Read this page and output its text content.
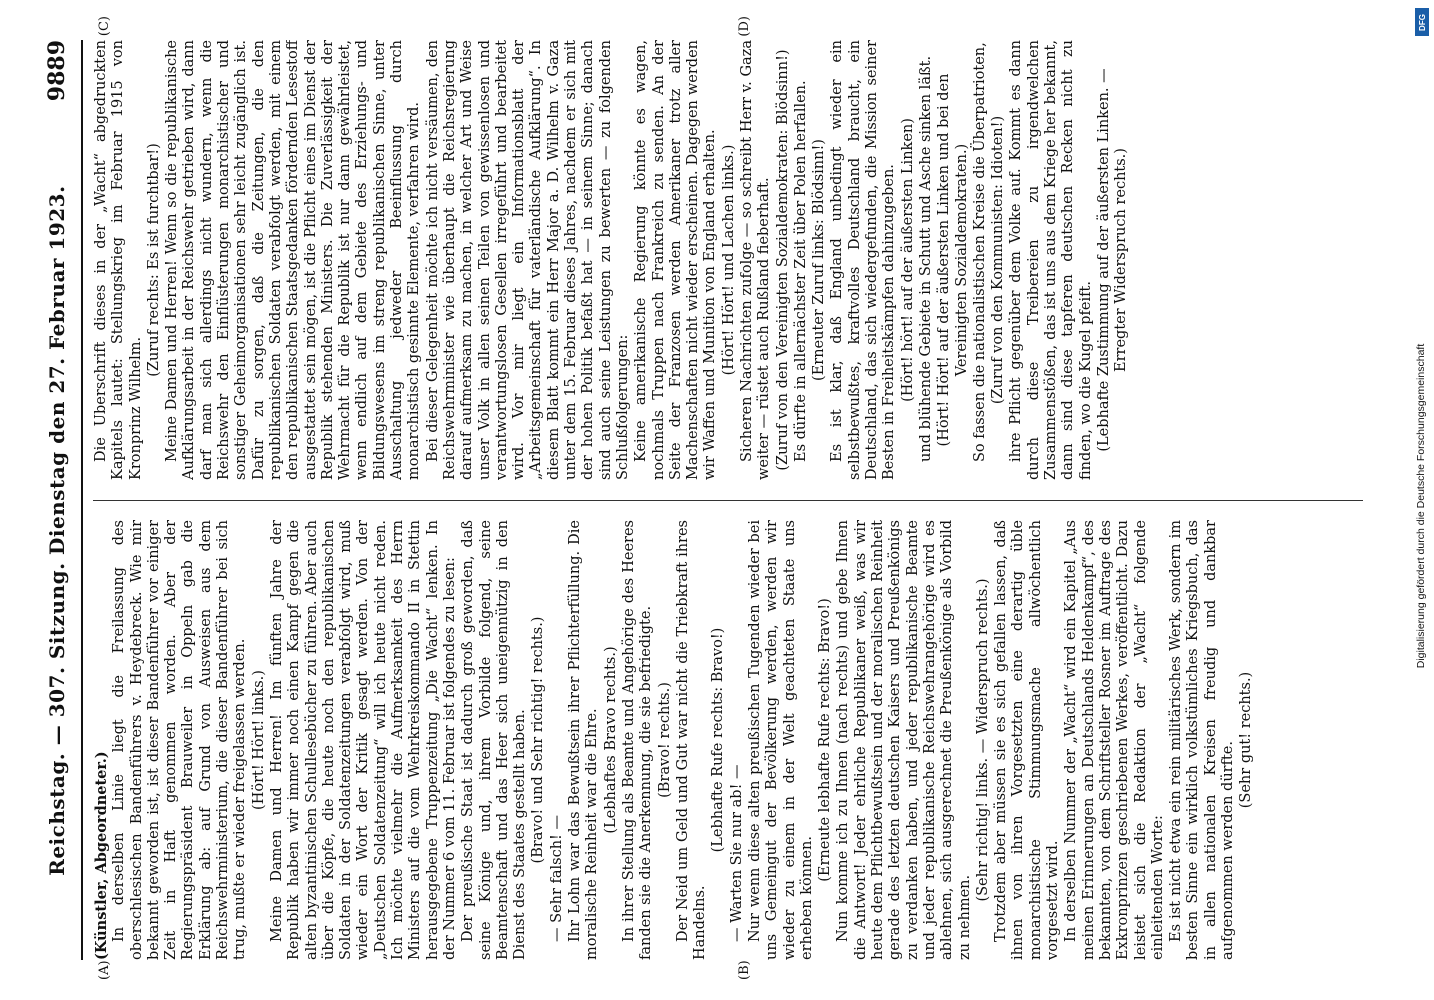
Reichstag. — 307. Sitzung. Dienstag den 27. Februar 1923.
9889
(A)	(B)
(C)	(D)

(Künstler, Abgeordneter.) In derselben Linie liegt die Freilassung des oberschlesischen Bandenführers v. Heydebreck. Wie mir bekannt geworden ist, ist dieser Bandenführer vor einiger Zeit in Haft genommen worden. Aber der Regierungspräsident Brauweiler in Oppeln gab die Erklärung ab: auf Grund von Ausweisen aus dem Reichswehrministerium, die dieser Bandenführer bei sich trug, mußte er wieder freigelassen werden. (Hört! Hört! links.) Meine Damen und Herren! Im fünften Jahre der Republik haben wir immer noch einen Kampf gegen die alten byzantinischen Schullesebücher zu führen. Aber auch über die Köpfe, die heute noch den republikanischen Soldaten in der Soldatenzeitungen verabfolgt wird, muß wieder ein Wort der Kritik gesagt werden. Von der „Deutschen Soldatenzeitung“ will ich heute nicht reden. Ich möchte vielmehr die Aufmerksamkeit des Herrn Ministers auf die vom Wehrkreiskommando II in Stettin herausgegebene Truppenzeitung „Die Wacht“ lenken. In der Nummer 6 vom 11. Februar ist folgendes zu lesen: Der preußische Staat ist dadurch groß geworden, daß seine Könige und, ihrem Vorbilde folgend, seine Beamtenschaft und das Heer sich uneigennützig in den Dienst des Staates gestellt haben. (Bravo! und Sehr richtig! rechts.)

— Sehr falsch! — Ihr Lohn war das Bewußtsein ihrer Pflichterfüllung. Die moralische Reinheit war die Ehre. (Lebhaftes Bravo rechts.) In ihrer Stellung als Beamte und Angehörige des Heeres fanden sie die Anerkennung, die sie befriedigte. (Bravo! rechts.) Der Neid um Geld und Gut war nicht die Triebkraft ihres Handelns.

(Lebhafte Rufe rechts: Bravo!)

— Warten Sie nur ab! — Nur wenn diese alten preußischen Tugenden wieder bei uns Gemeingut der Bevölkerung werden, werden wir wieder zu einem in der Welt geachteten Staate uns erheben können.

(Erneute lebhafte Rufe rechts: Bravo!) Nun komme ich zu Ihnen (nach rechts) und gebe Ihnen die Antwort! Jeder ehrliche Republikaner weiß, was wir heute dem Pflichtbewußtsein und der moralischen Reinheit gerade des letzten deutschen Kaisers und Preußenkönigs zu verdanken haben, und jeder republikanische Beamte und jeder republikanische Reichswehrangehörige wird es ablehnen, sich ausgerechnet die Preußenkönige als Vorbild zu nehmen.

(Sehr richtig! links. — Widerspruch rechts.) Trotzdem aber müssen sie es sich gefallen lassen, daß ihnen von ihren Vorgesetzten eine derartig üble monarchistische Stimmungsmache allwöchentlich vorgesetzt wird. In derselben Nummer der „Wacht“ wird ein Kapitel „Aus meinen Erinnerungen an Deutschlands Heldenkampf“, des bekannten, von dem Schriftsteller Rosner im Auftrage des Exkronprinzen geschriebenen Werkes, veröffentlicht. Dazu leistet sich die Redaktion der „Wacht“ folgende einleitenden Worte: Es ist nicht etwa ein rein militärisches Werk, sondern im besten Sinne ein wirklich volkstümliches Kriegsbuch, das in allen nationalen Kreisen freudig und dankbar aufgenommen werden dürfte.

(Sehr gut! rechts.)

Die Überschrift dieses in der „Wacht“ abgedruckten Kapitels lautet: Stellungskrieg im Februar 1915 von Kronprinz Wilhelm.

(Zuruf rechts: Es ist furchtbar!) Meine Damen und Herren! Wenn so die republikanische Aufklärungsarbeit in der Reichswehr getrieben wird, dann darf man sich allerdings nicht wundern, wenn die Reichswehr den Einflüsterungen monarchistischer und sonstiger Geheimorganisationen sehr leicht zugänglich ist. Dafür zu sorgen, daß die Zeitungen, die den republikanischen Soldaten verabfolgt werden, mit einem den republikanischen Staatsgedanken fördernden Lesestoff ausgestattet sein mögen, ist die Pflicht eines im Dienst der Republik stehenden Ministers. Die Zuverlässigkeit der Wehrmacht für die Republik ist nur dann gewährleistet, wenn endlich auf dem Gebiete des Erziehungs- und Bildungswesens im streng republikanischen Sinne, unter Ausschaltung jedweder Beeinflussung durch monarchistisch gesinnte Elemente, verfahren wird. Bei dieser Gelegenheit möchte ich nicht versäumen, den Reichswehrminister wie überhaupt die Reichsregierung darauf aufmerksam zu machen, in welcher Art und Weise unser Volk in allen seinen Teilen von gewissenlosen und verantwortungslosen Gesellen irregeführt und bearbeitet wird. Vor mir liegt ein Informationsblatt der „Arbeitsgemeinschaft für vaterländische Aufklärung“. In diesem Blatt kommt ein Herr Major a. D. Wilhelm v. Gaza unter dem 15. Februar dieses Jahres, nachdem er sich mit der hohen Politik befaßt hat — in seinem Sinne; danach sind auch seine Leistungen zu bewerten — zu folgenden Schlußfolgerungen: Keine amerikanische Regierung könnte es wagen, nochmals Truppen nach Frankreich zu senden. An der Seite der Franzosen werden Amerikaner trotz aller Machenschaften nicht wieder erscheinen. Dagegen werden wir Waffen und Munition von England erhalten. (Hört! Hört! und Lachen links.) Sicheren Nachrichten zufolge — so schreibt Herr v. Gaza weiter — rüstet auch Rußland fieberhaft. (Zuruf von den Vereinigten Sozialdemokraten: Blödsinn!) Es dürfte in allernächster Zeit über Polen herfallen. (Erneuter Zuruf links: Blödsinn!) Es ist klar, daß England unbedingt wieder ein selbstbewußtes, kraftvolles Deutschland braucht, ein Deutschland, das sich wiedergefunden, die Mission seiner Besten in Freiheitskämpfen dahinzugeben. (Hört! hört! auf der äußersten Linken) und blühende Gebiete in Schutt und Asche sinken läßt. (Hört! Hört! auf der äußersten Linken und bei den Vereinigten Sozialdemokraten.) So fassen die nationalistischen Kreise die Überpatrioten, (Zuruf von den Kommunisten: Idioten!) ihre Pflicht gegenüber dem Volke auf. Kommt es dann durch diese Treibereien zu irgendwelchen Zusammenstößen, das ist uns aus dem Kriege her bekannt, dann sind diese tapferen deutschen Recken nicht zu finden, wo die Kugel pfeift. (Lebhafte Zustimmung auf der äußersten Linken. — Erregter Widerspruch rechts.)

DFG
Digitalisierung gefördert durch die Deutsche Forschungsgemeinschaft
